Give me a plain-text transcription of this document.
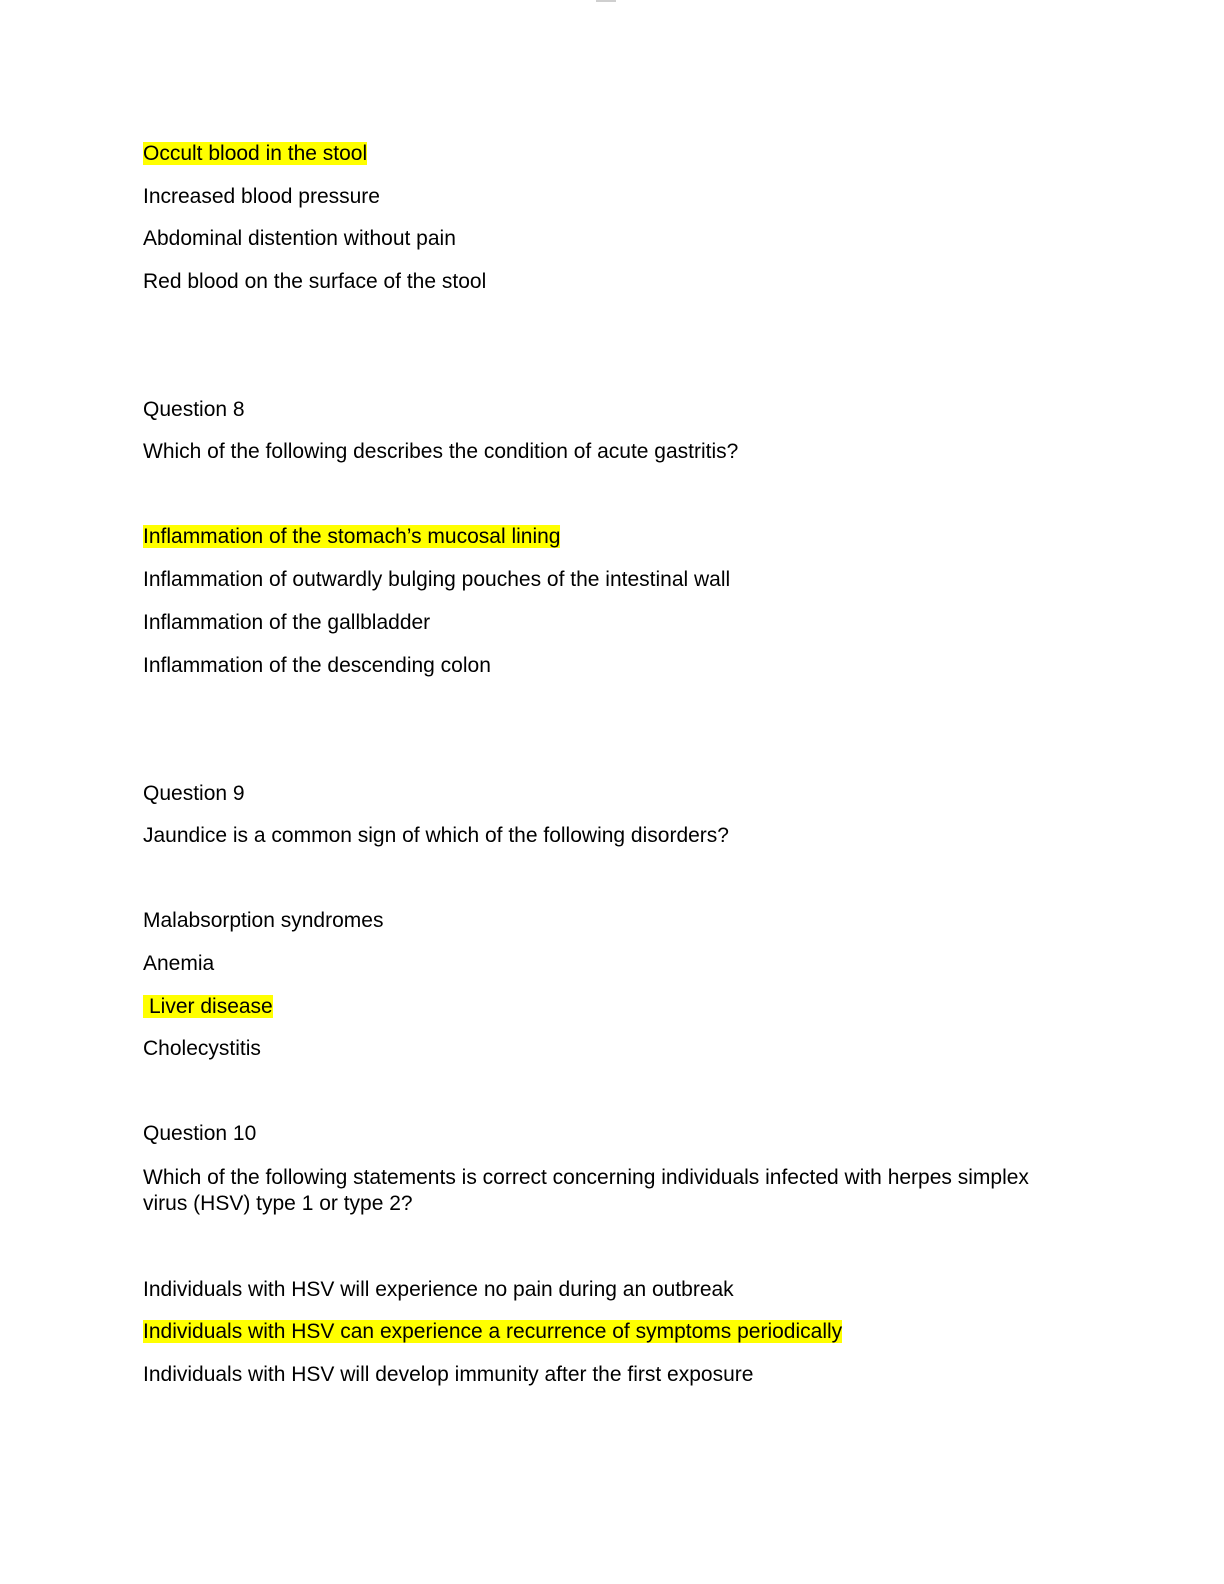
Occult blood in the stool
Increased blood pressure
Abdominal distention without pain
Red blood on the surface of the stool
Question 8
Which of the following describes the condition of acute gastritis?
Inflammation of the stomach’s mucosal lining
Inflammation of outwardly bulging pouches of the intestinal wall
Inflammation of the gallbladder
Inflammation of the descending colon
Question 9
Jaundice is a common sign of which of the following disorders?
Malabsorption syndromes
Anemia
Liver disease
Cholecystitis
Question 10
Which of the following statements is correct concerning individuals infected with herpes simplex virus (HSV) type 1 or type 2?
Individuals with HSV will experience no pain during an outbreak
Individuals with HSV can experience a recurrence of symptoms periodically
Individuals with HSV will develop immunity after the first exposure
